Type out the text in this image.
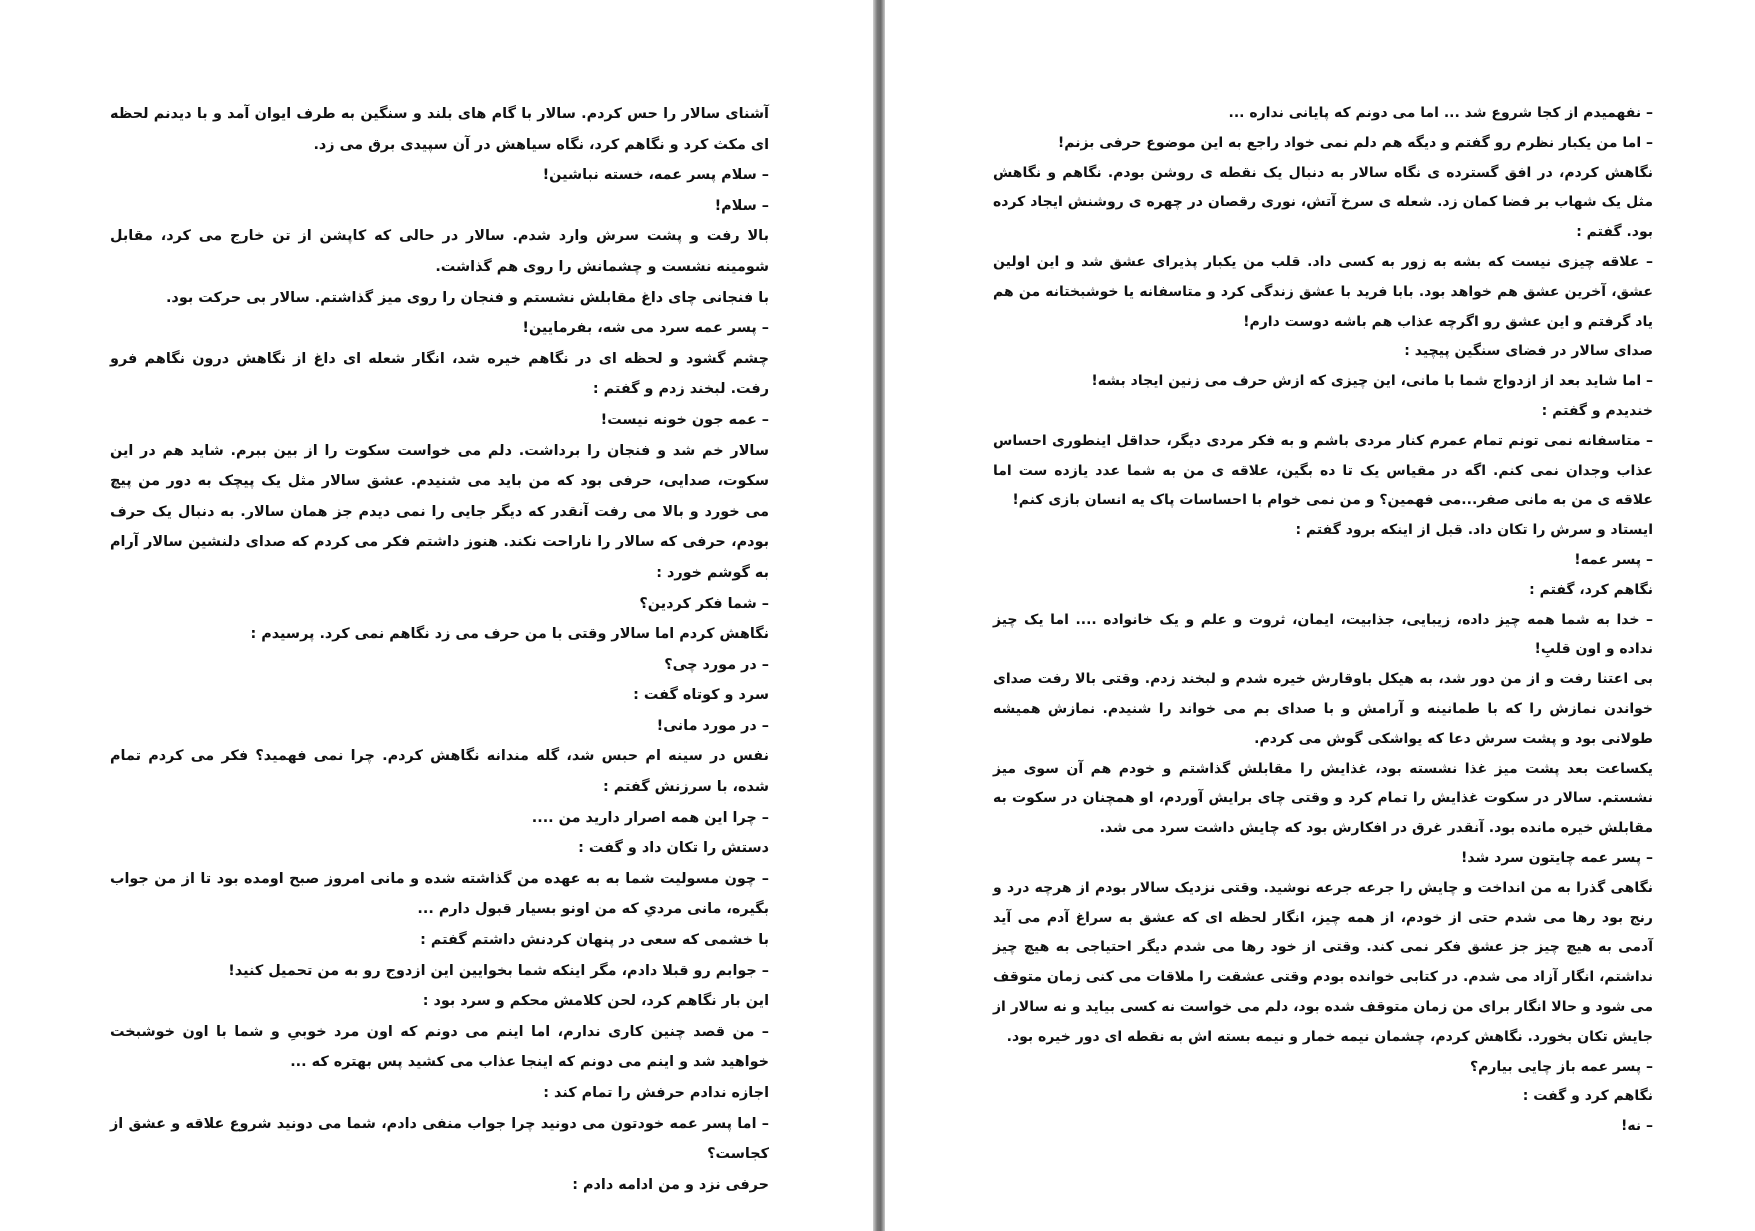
آشنای سالار را حس کردم. سالار با گام های بلند و سنگین به طرف ایوان آمد و با دیدنم لحظه ای مکث کرد و نگاهم کرد، نگاه سیاهش در آن سپیدی برق می زد.

– سلام پسر عمه، خسته نباشین!

– سلام!

بالا رفت و پشت سرش وارد شدم. سالار در حالی که کاپشن از تن خارج می کرد، مقابل شومینه نشست و چشمانش را روی هم گذاشت.

با فنجانی چای داغ مقابلش نشستم و فنجان را روی میز گذاشتم. سالار بی حرکت بود.

– پسر عمه سرد می شه، بفرمایین!

چشم گشود و لحظه ای در نگاهم خیره شد، انگار شعله ای داغ از نگاهش درون نگاهم فرو رفت. لبخند زدم و گفتم :

– عمه جون خونه نیست!

سالار خم شد و فنجان را برداشت. دلم می خواست سکوت را از بین ببرم. شاید هم در این سکوت، صدایی، حرفی بود که من باید می شنیدم. عشق سالار مثل یک پیچک به دور من پیچ می خورد و بالا می رفت آنقدر که دیگر جایی را نمی دیدم جز همان سالار. به دنبال یک حرف بودم، حرفی که سالار را ناراحت نکند. هنوز داشتم فکر می کردم که صدای دلنشین سالار آرام به گوشم خورد :

– شما فکر کردین؟

نگاهش کردم اما سالار وقتی با من حرف می زد نگاهم نمی کرد. پرسیدم :

– در مورد چی؟

سرد و کوتاه گفت :

– در مورد مانی!

نفس در سینه ام حبس شد، گله مندانه نگاهش کردم. چرا نمی فهمید؟ فکر می کردم تمام شده، با سرزنش گفتم :

– چرا این همه اصرار دارید من ....

دستش را تکان داد و گفت :

– چون مسولیت شما به به عهده من گذاشته شده و مانی امروز صبح اومده بود تا از من جواب بگیره، مانی مردیِ که من اونو بسیار قبول دارم ...

با خشمی که سعی در پنهان کردنش داشتم گفتم :

– جوابم رو قبلا دادم، مگر اینکه شما بخوایین این ازدوج رو به من تحمیل کنید!

این بار نگاهم کرد، لحن کلامش محکم و سرد بود :

– من قصد چنین کاری ندارم، اما اینم می دونم که اون مرد خوبیِ و شما با اون خوشبخت خواهید شد و اینم می دونم که اینجا عذاب می کشید پس بهتره که ...

اجازه ندادم حرفش را تمام کند :

– اما پسر عمه خودتون می دونید چرا جواب منفی دادم، شما می دونید شروع علاقه و عشق از کجاست؟

حرفی نزد و من ادامه دادم :

– نفهمیدم از کجا شروع شد ... اما می دونم که پایانی نداره ...

– اما من یکبار نظرم رو گفتم و دیگه هم دلم نمی خواد راجع به این موضوع حرفی بزنم!

نگاهش کردم، در افق گسترده ی نگاه سالار به دنبال یک نقطه ی روشن بودم. نگاهم و نگاهش مثل یک شهاب بر فضا کمان زد. شعله ی سرخ آتش، نوری رقصان در چهره ی روشنش ایجاد کرده بود. گفتم :

– علاقه چیزی نیست که بشه به زور به کسی داد. قلب من یکبار پذیرای عشق شد و این اولین عشق، آخرین عشق هم خواهد بود. بابا فرید با عشق زندگی کرد و متاسفانه یا خوشبختانه من هم یاد گرفتم و این عشق رو اگرچه عذاب هم باشه دوست دارم!

صدای سالار در فضای سنگین پیچید :

– اما شاید بعد از ازدواج شما با مانی، این چیزی که ازش حرف می زنین ایجاد بشه!

خندیدم و گفتم :

– متاسفانه نمی تونم تمام عمرم کنار مردی باشم و به فکر مردی دیگر، حداقل اینطوری احساس عذاب وجدان نمی کنم. اگه در مقیاس یک تا ده بگین، علاقه ی من به شما عدد یازده ست اما علاقه ی من به مانی صفر...می فهمین؟ و من نمی خوام با احساسات پاک یه انسان بازی کنم!

ایستاد و سرش را تکان داد. قبل از اینکه برود گفتم :

– پسر عمه!

نگاهم کرد، گفتم :

– خدا به شما همه چیز داده، زیبایی، جذابیت، ایمان، ثروت و علم و یک خانواده .... اما یک چیز نداده و اون قلبِ!

بی اعتنا رفت و از من دور شد، به هیکل باوقارش خیره شدم و لبخند زدم. وقتی بالا رفت صدای خواندن نمازش را که با طمانینه و آرامش و با صدای بم می خواند را شنیدم. نمازش همیشه طولانی بود و پشت سرش دعا که یواشکی گوش می کردم.

یکساعت بعد پشت میز غذا نشسته بود، غذایش را مقابلش گذاشتم و خودم هم آن سوی میز نشستم. سالار در سکوت غذایش را تمام کرد و وقتی چای برایش آوردم، او همچنان در سکوت به مقابلش خیره مانده بود. آنقدر غرق در افکارش بود که چایش داشت سرد می شد.

– پسر عمه چایتون سرد شد!

نگاهی گذرا به من انداخت و چایش را جرعه جرعه نوشید. وقتی نزدیک سالار بودم از هرچه درد و رنج بود رها می شدم حتی از خودم، از همه چیز، انگار لحظه ای که عشق به سراغ آدم می آید آدمی به هیچ چیز جز عشق فکر نمی کند. وقتی از خود رها می شدم دیگر احتیاجی به هیچ چیز نداشتم، انگار آزاد می شدم. در کتابی خوانده بودم وقتی عشقت را ملاقات می کنی زمان متوقف می شود و حالا انگار برای من زمان متوقف شده بود، دلم می خواست نه کسی بیاید و نه سالار از جایش تکان بخورد. نگاهش کردم، چشمان نیمه خمار و نیمه بسته اش به نقطه ای دور خیره بود.

– پسر عمه باز چایی بیارم؟

نگاهم کرد و گفت :

– نه!
